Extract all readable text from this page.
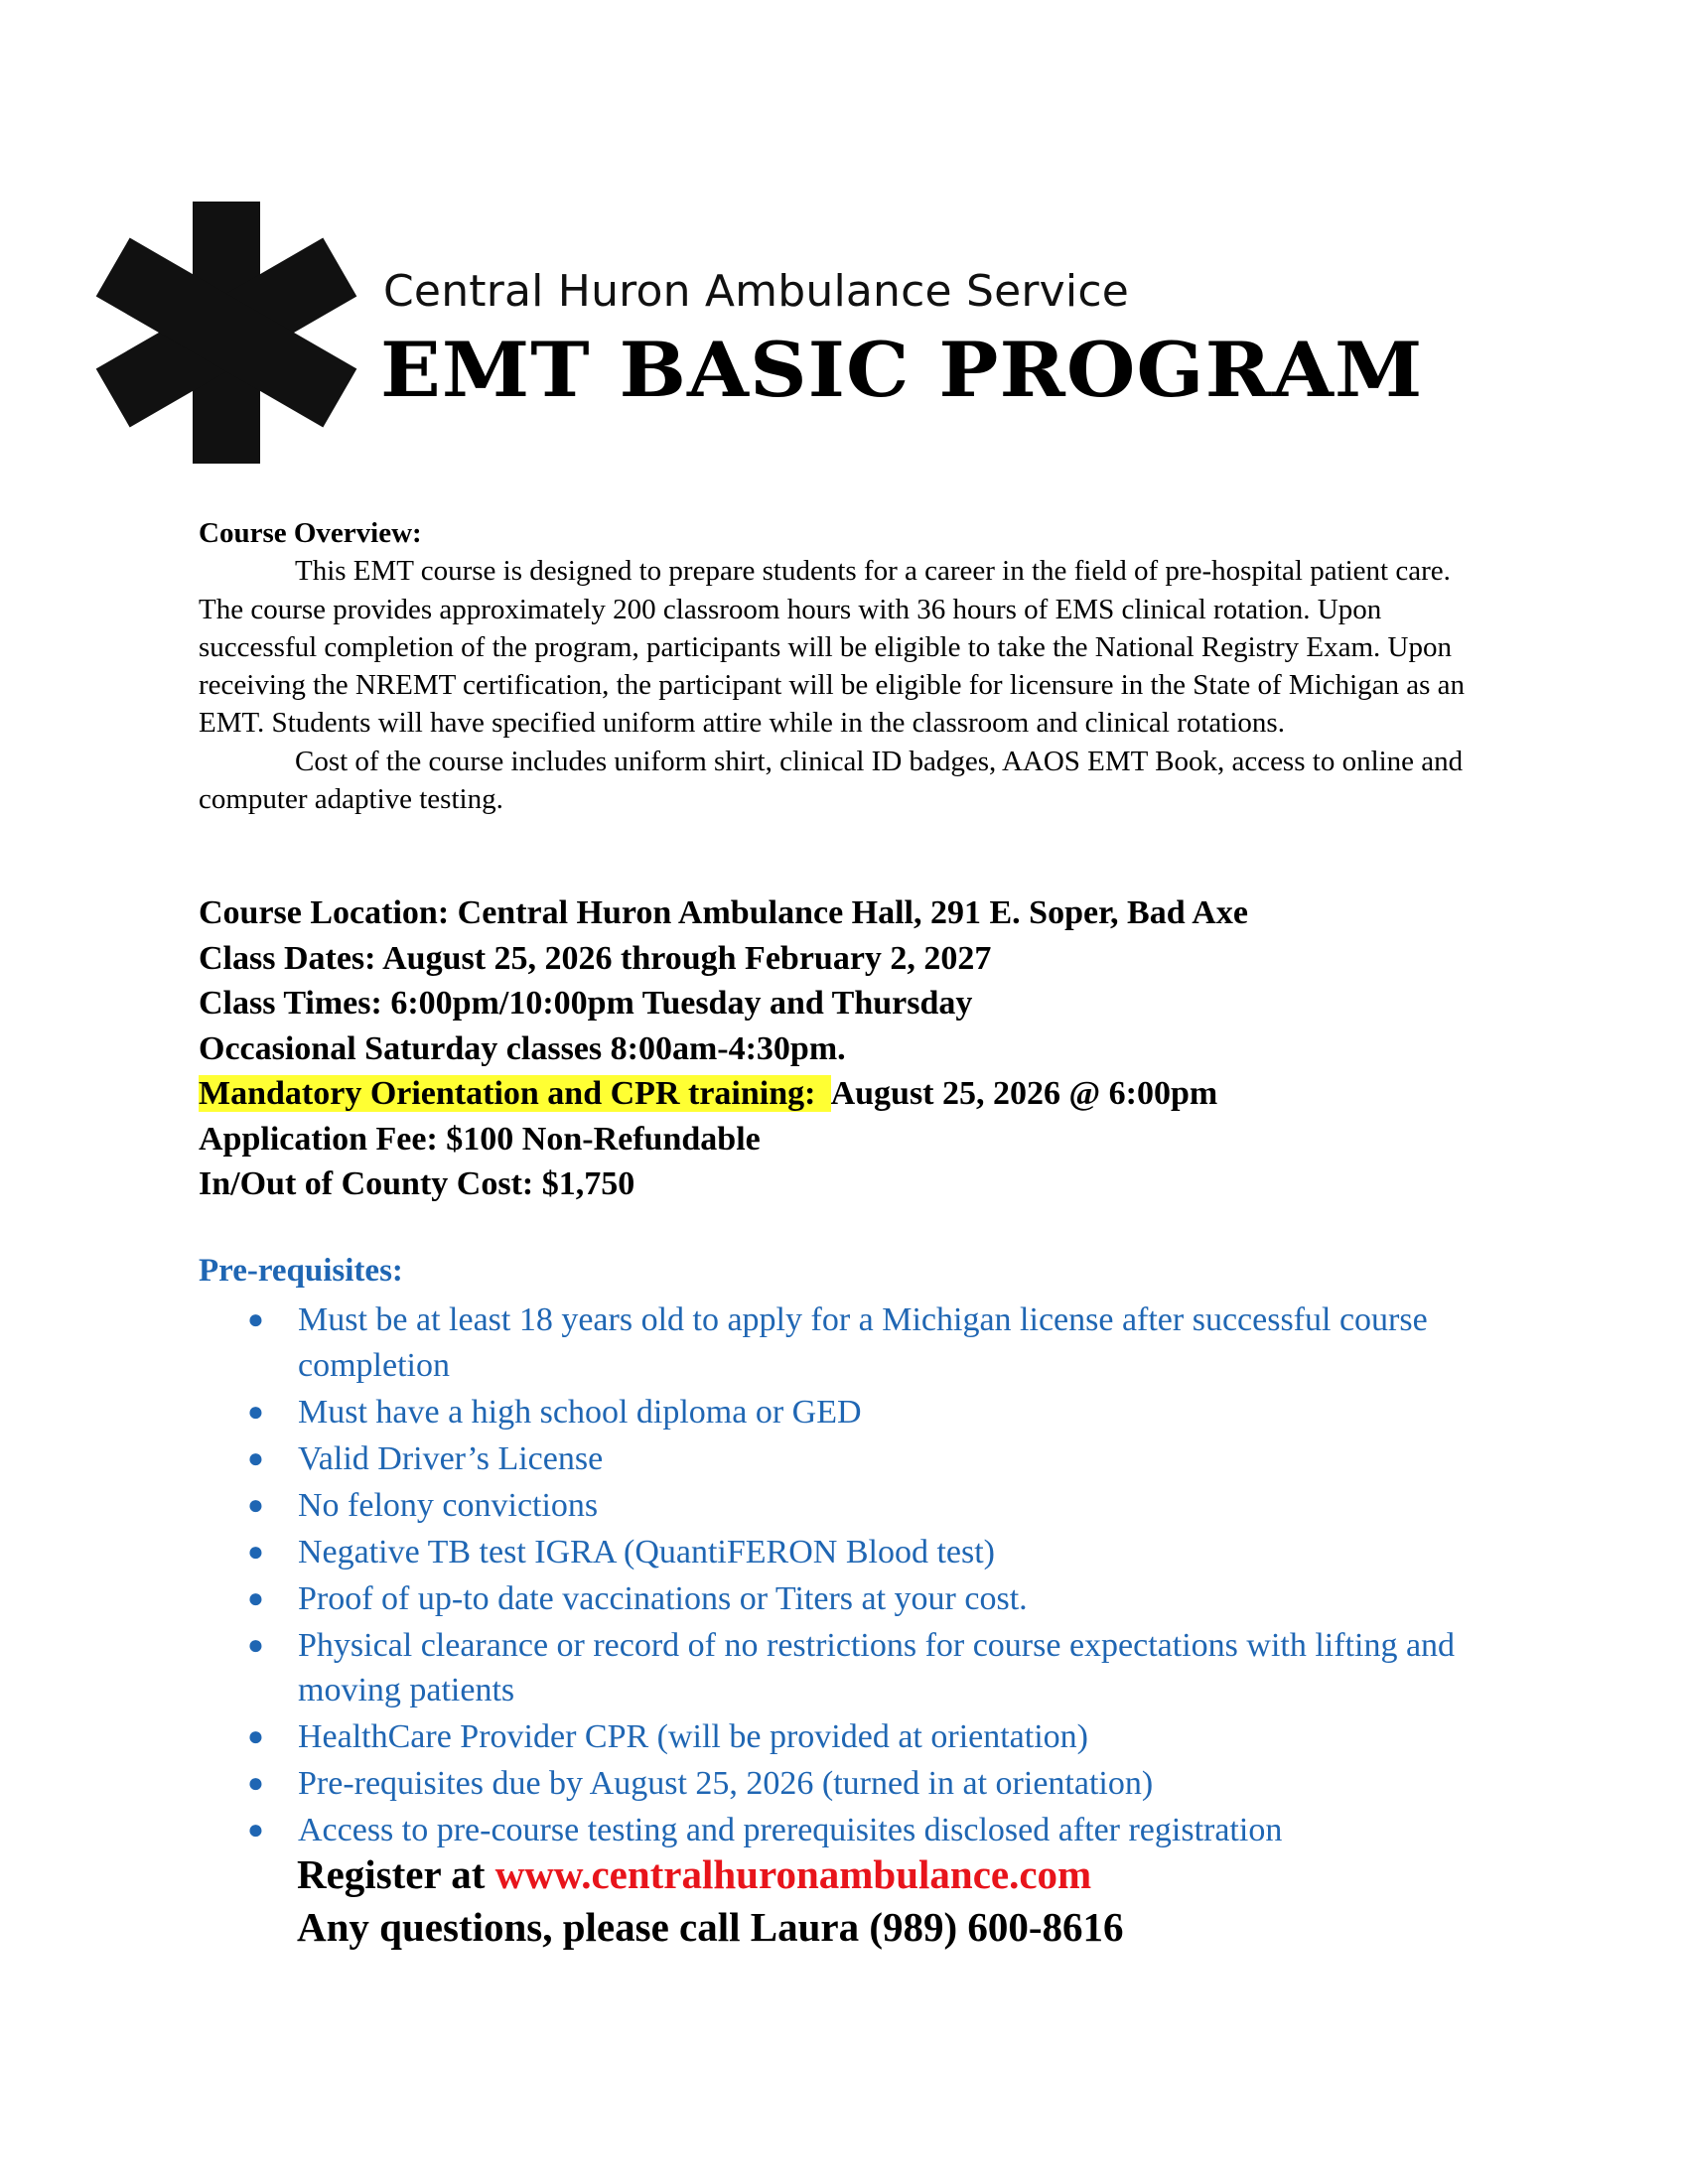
Central Huron Ambulance Service
EMT BASIC PROGRAM
Course Overview:

This EMT course is designed to prepare students for a career in the field of pre-hospital patient care. The course provides approximately 200 classroom hours with 36 hours of EMS clinical rotation. Upon successful completion of the program, participants will be eligible to take the National Registry Exam. Upon receiving the NREMT certification, the participant will be eligible for licensure in the State of Michigan as an EMT. Students will have specified uniform attire while in the classroom and clinical rotations.

Cost of the course includes uniform shirt, clinical ID badges, AAOS EMT Book, access to online and computer adaptive testing.

Course Location: Central Huron Ambulance Hall, 291 E. Soper, Bad Axe
Class Dates: August 25, 2026 through February 2, 2027
Class Times: 6:00pm/10:00pm Tuesday and Thursday
Occasional Saturday classes 8:00am-4:30pm.
Mandatory Orientation and CPR training:  August 25, 2026 @ 6:00pm
Application Fee: $100 Non-Refundable
In/Out of County Cost: $1,750
Pre-requisites:
● Must be at least 18 years old to apply for a Michigan license after successful course completion
● Must have a high school diploma or GED
● Valid Driver’s License
● No felony convictions
● Negative TB test IGRA (QuantiFERON Blood test)
● Proof of up-to date vaccinations or Titers at your cost.
● Physical clearance or record of no restrictions for course expectations with lifting and moving patients
● HealthCare Provider CPR (will be provided at orientation)
● Pre-requisites due by August 25, 2026 (turned in at orientation)
● Access to pre-course testing and prerequisites disclosed after registration
Register at www.centralhuronambulance.com
Any questions, please call Laura (989) 600-8616
